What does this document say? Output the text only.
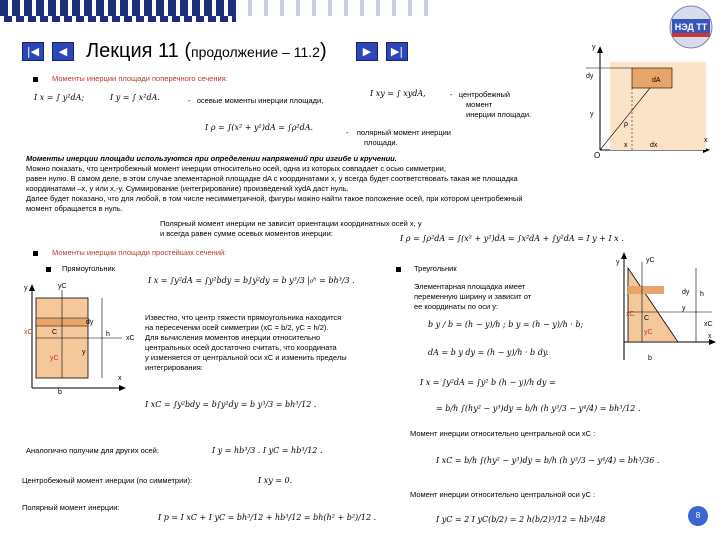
НЭД ТТ
|◀	◀	▶	▶|
Лекция 11 (продолжение – 11.2)
Моменты инерции площади поперечного сечения:
I x = ∫ y²dA;	I y = ∫ x²dA.	-   осевые моменты инерции площади,
I xy = ∫ xydA,	-   центробежный
момент
инерции площади.
I ρ = ∫(x² + y²)dA = ∫ρ²dA.
-    полярный момент инерции
площади.
y
x
dy
dA
y
ρ
O
x	dx
Моменты инерции площади используются при определении напряжений при изгибе и кручении.
Можно показать, что центробежный момент инерции относительно осей, одна из которых совпадает с осью симметрии,
равен нулю. В самом деле, в этом случае элементарной площадке dA с координатами x, y всегда будет соответствовать такая же площадка
координатами –x, y или x,-y. Суммирование (интегрирование) произведений xydA даст нуль.
Далее будет показано, что для любой, в том числе несимметричной, фигуры можно найти такое положение осей, при котором центробежный
момент обращается в нуль.
Полярный момент инерции не зависит ориентации координатных осей x, y
и всегда равен сумме осевых моментов инерции:
I ρ = ∫ρ²dA = ∫(x² + y²)dA = ∫x²dA + ∫y²dA = I y + I x .
Моменты инерции площади простейших сечений:
Прямоугольник
I x = ∫y²dA = ∫y²bdy = b∫y²dy = b y³/3 |₀ʰ = bh³/3 .
y	yC
xC	C
dy
h
y
yC
x
b
xC
Известно, что центр тяжести прямоугольника находится
на пересечении осей симметрии (xC = b/2, yC = h/2).
Для вычисления моментов инерции относительно
центральных осей достаточно считать, что координата
y изменяется от центральной оси xC и изменить пределы
интегрирования:
I xC = ∫y²bdy = b∫y²dy = b y³/3 = bh³/12 .
Аналогично получим для других осей:	I y = hb³/3 . I yC = hb³/12 .
Центробежный момент инерции (по симметрии):	I xy = 0.
Полярный момент инерции:
I p = I xC + I yC = bh³/12 + hb³/12 = bh(h² + b²)/12 .
Треугольник
y	yC
dy h
y
xC
C
yC
xC
x
b
Элементарная площадка имеет
переменную ширину и зависит от
ее координаты по оси y:
b y / b = (h − y)/h ; b y = (h − y)/h · b;
dA = b y dy = (h − y)/h · b dy.
I x = ∫y²dA = ∫y² b (h − y)/h dy =
= b/h ∫(hy² − y³)dy = b/h (h y³/3 − y⁴/4) = bh³/12 .
Момент инерции относительно центральной оси xC :
I xC = b/h ∫(hy² − y³)dy = b/h (h y³/3 − y⁴/4) = bh³/36 .
Момент инерции относительно центральной оси yC :
I yC = 2 I yC(b/2) = 2 h(b/2)³/12 = hb³/48	8
